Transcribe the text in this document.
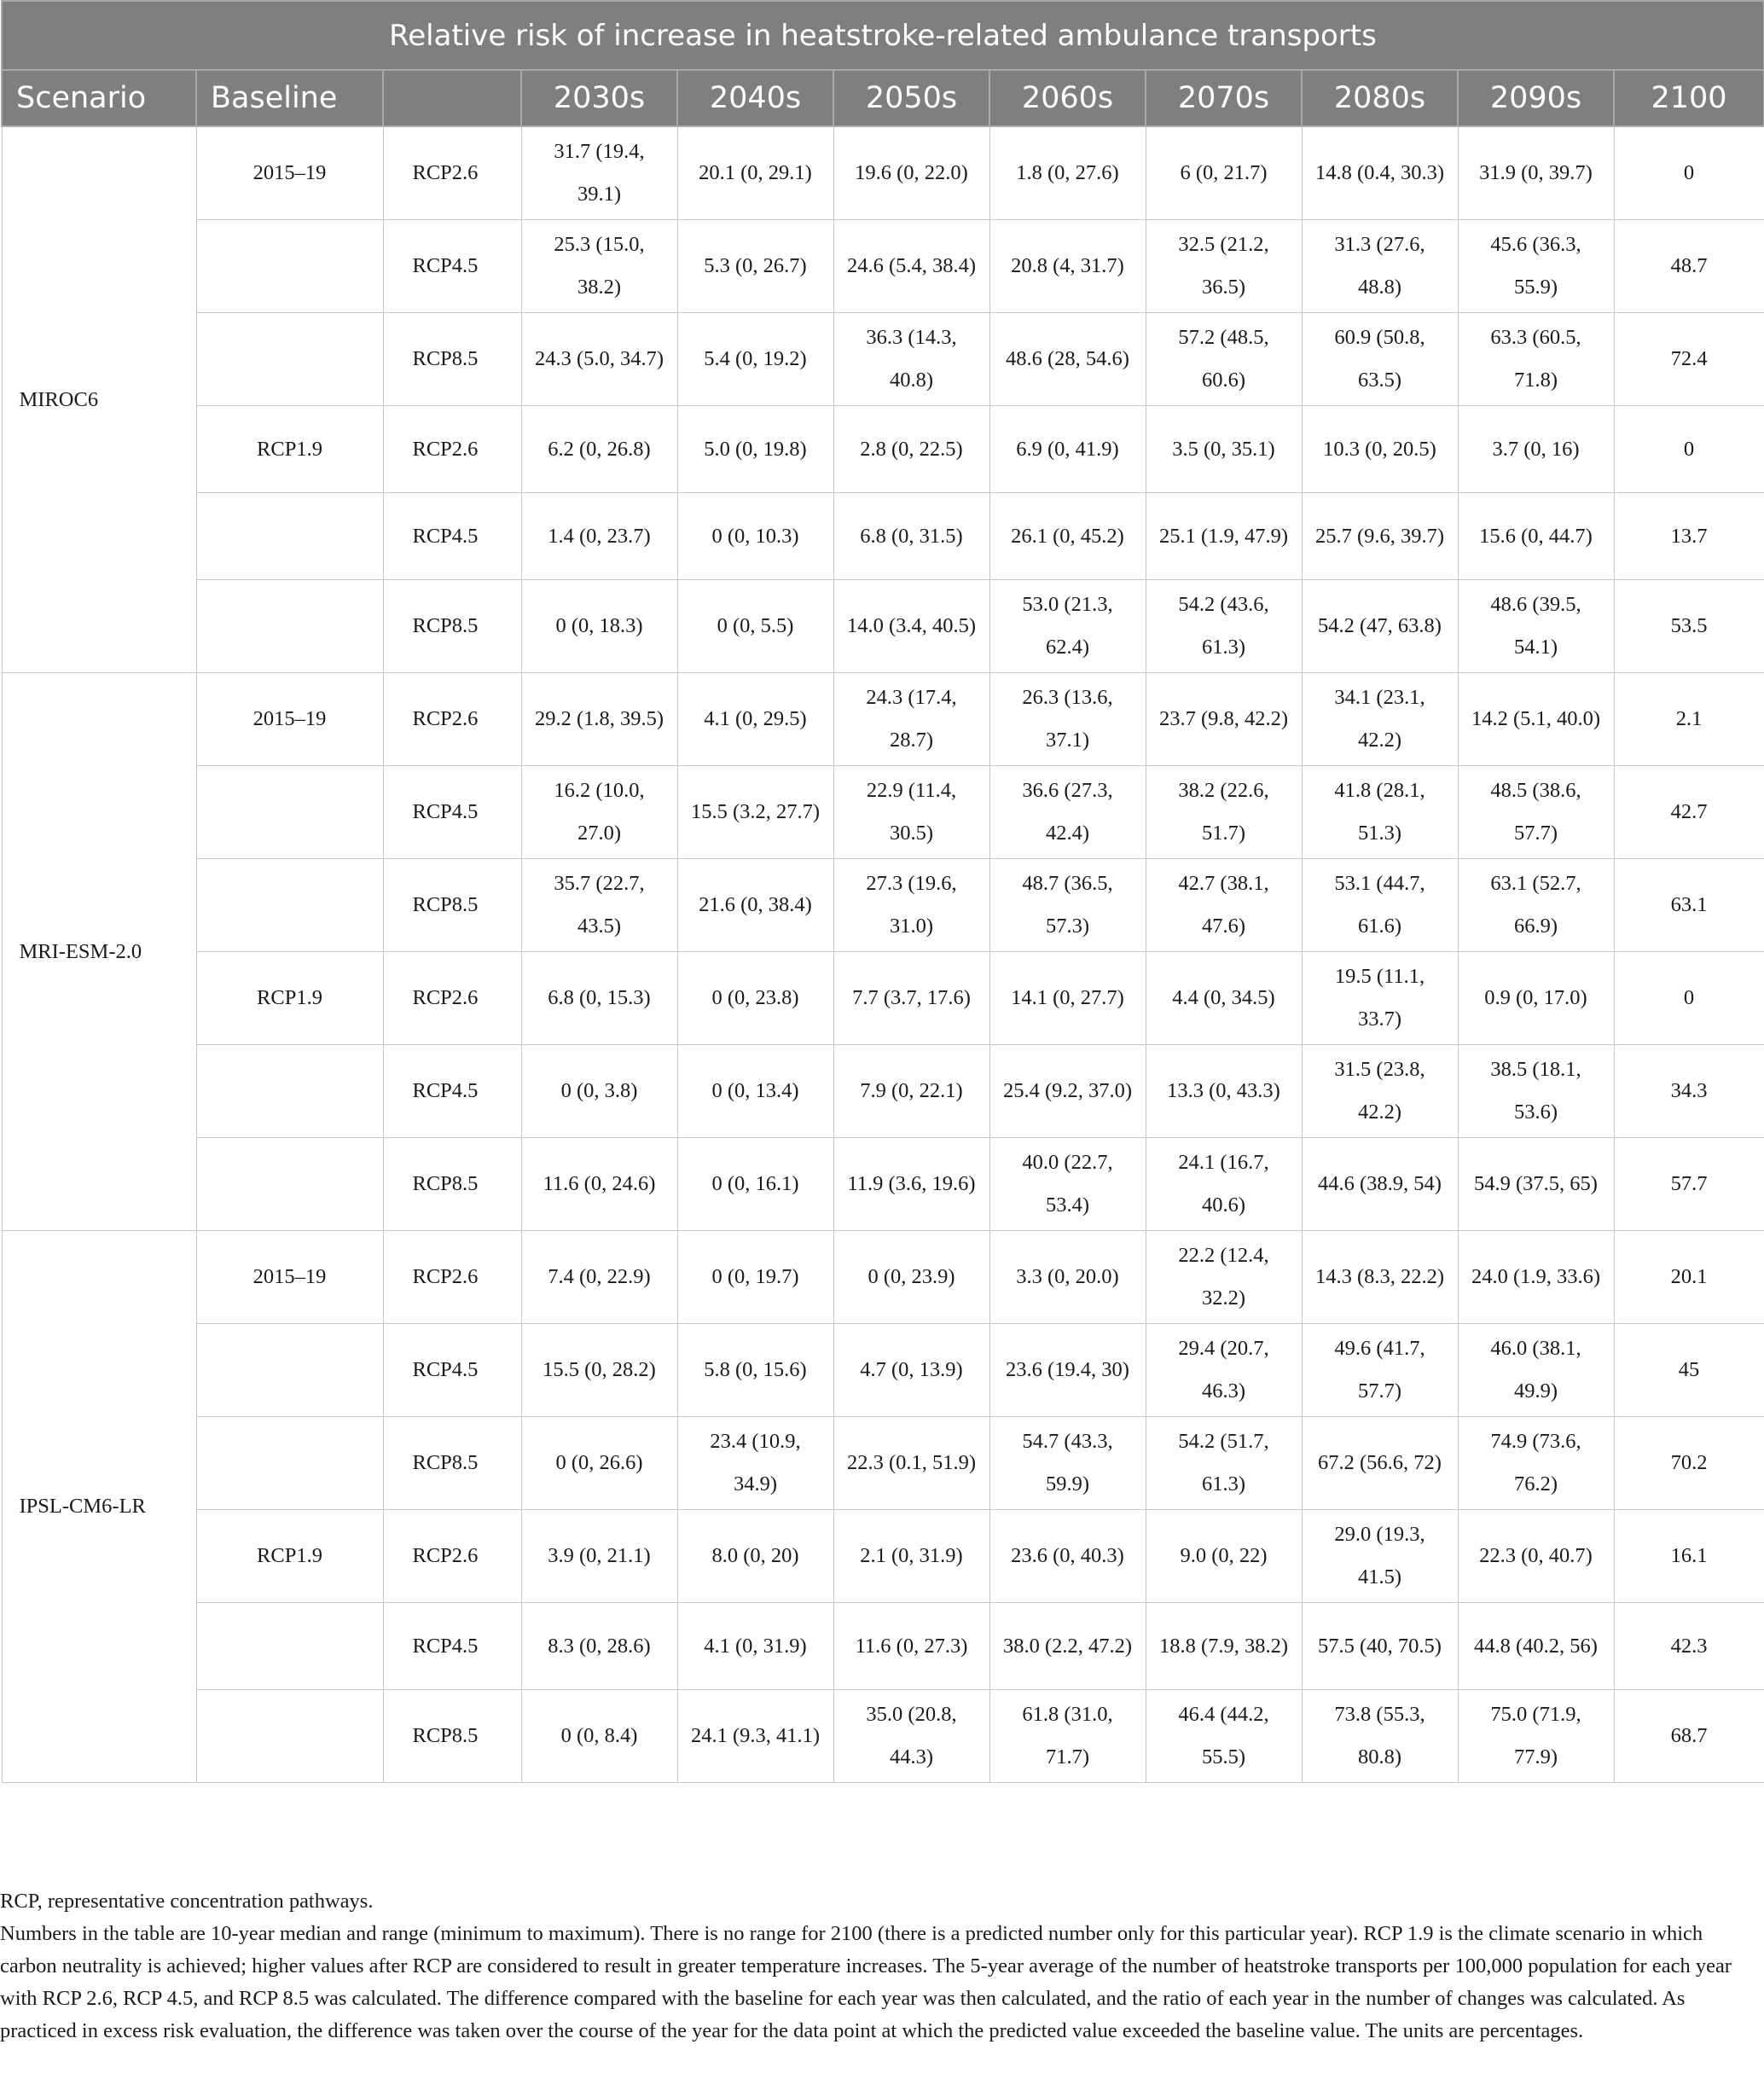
Relative risk of increase in heatstroke-related ambulance transports										
Scenario	Baseline		2030s	2040s	2050s	2060s	2070s	2080s	2090s	2100
MIROC6	2015–19	RCP2.6	31.7 (19.4, 39.1)	20.1 (0, 29.1)	19.6 (0, 22.0)	1.8 (0, 27.6)	6 (0, 21.7)	14.8 (0.4, 30.3)	31.9 (0, 39.7)	0
		RCP4.5	25.3 (15.0, 38.2)	5.3 (0, 26.7)	24.6 (5.4, 38.4)	20.8 (4, 31.7)	32.5 (21.2, 36.5)	31.3 (27.6, 48.8)	45.6 (36.3, 55.9)	48.7
		RCP8.5	24.3 (5.0, 34.7)	5.4 (0, 19.2)	36.3 (14.3, 40.8)	48.6 (28, 54.6)	57.2 (48.5, 60.6)	60.9 (50.8, 63.5)	63.3 (60.5, 71.8)	72.4
	RCP1.9	RCP2.6	6.2 (0, 26.8)	5.0 (0, 19.8)	2.8 (0, 22.5)	6.9 (0, 41.9)	3.5 (0, 35.1)	10.3 (0, 20.5)	3.7 (0, 16)	0
		RCP4.5	1.4 (0, 23.7)	0 (0, 10.3)	6.8 (0, 31.5)	26.1 (0, 45.2)	25.1 (1.9, 47.9)	25.7 (9.6, 39.7)	15.6 (0, 44.7)	13.7
		RCP8.5	0 (0, 18.3)	0 (0, 5.5)	14.0 (3.4, 40.5)	53.0 (21.3, 62.4)	54.2 (43.6, 61.3)	54.2 (47, 63.8)	48.6 (39.5, 54.1)	53.5
MRI-ESM-2.0	2015–19	RCP2.6	29.2 (1.8, 39.5)	4.1 (0, 29.5)	24.3 (17.4, 28.7)	26.3 (13.6, 37.1)	23.7 (9.8, 42.2)	34.1 (23.1, 42.2)	14.2 (5.1, 40.0)	2.1
		RCP4.5	16.2 (10.0, 27.0)	15.5 (3.2, 27.7)	22.9 (11.4, 30.5)	36.6 (27.3, 42.4)	38.2 (22.6, 51.7)	41.8 (28.1, 51.3)	48.5 (38.6, 57.7)	42.7
		RCP8.5	35.7 (22.7, 43.5)	21.6 (0, 38.4)	27.3 (19.6, 31.0)	48.7 (36.5, 57.3)	42.7 (38.1, 47.6)	53.1 (44.7, 61.6)	63.1 (52.7, 66.9)	63.1
	RCP1.9	RCP2.6	6.8 (0, 15.3)	0 (0, 23.8)	7.7 (3.7, 17.6)	14.1 (0, 27.7)	4.4 (0, 34.5)	19.5 (11.1, 33.7)	0.9 (0, 17.0)	0
		RCP4.5	0 (0, 3.8)	0 (0, 13.4)	7.9 (0, 22.1)	25.4 (9.2, 37.0)	13.3 (0, 43.3)	31.5 (23.8, 42.2)	38.5 (18.1, 53.6)	34.3
		RCP8.5	11.6 (0, 24.6)	0 (0, 16.1)	11.9 (3.6, 19.6)	40.0 (22.7, 53.4)	24.1 (16.7, 40.6)	44.6 (38.9, 54)	54.9 (37.5, 65)	57.7
IPSL-CM6-LR	2015–19	RCP2.6	7.4 (0, 22.9)	0 (0, 19.7)	0 (0, 23.9)	3.3 (0, 20.0)	22.2 (12.4, 32.2)	14.3 (8.3, 22.2)	24.0 (1.9, 33.6)	20.1
		RCP4.5	15.5 (0, 28.2)	5.8 (0, 15.6)	4.7 (0, 13.9)	23.6 (19.4, 30)	29.4 (20.7, 46.3)	49.6 (41.7, 57.7)	46.0 (38.1, 49.9)	45
		RCP8.5	0 (0, 26.6)	23.4 (10.9, 34.9)	22.3 (0.1, 51.9)	54.7 (43.3, 59.9)	54.2 (51.7, 61.3)	67.2 (56.6, 72)	74.9 (73.6, 76.2)	70.2
	RCP1.9	RCP2.6	3.9 (0, 21.1)	8.0 (0, 20)	2.1 (0, 31.9)	23.6 (0, 40.3)	9.0 (0, 22)	29.0 (19.3, 41.5)	22.3 (0, 40.7)	16.1
		RCP4.5	8.3 (0, 28.6)	4.1 (0, 31.9)	11.6 (0, 27.3)	38.0 (2.2, 47.2)	18.8 (7.9, 38.2)	57.5 (40, 70.5)	44.8 (40.2, 56)	42.3
		RCP8.5	0 (0, 8.4)	24.1 (9.3, 41.1)	35.0 (20.8, 44.3)	61.8 (31.0, 71.7)	46.4 (44.2, 55.5)	73.8 (55.3, 80.8)	75.0 (71.9, 77.9)	68.7

RCP, representative concentration pathways.

Numbers in the table are 10-year median and range (minimum to maximum). There is no range for 2100 (there is a predicted number only for this particular year). RCP 1.9 is the climate scenario in which carbon neutrality is achieved; higher values after RCP are considered to result in greater temperature increases. The 5-year average of the number of heatstroke transports per 100,000 population for each year with RCP 2.6, RCP 4.5, and RCP 8.5 was calculated. The difference compared with the baseline for each year was then calculated, and the ratio of each year in the number of changes was calculated. As practiced in excess risk evaluation, the difference was taken over the course of the year for the data point at which the predicted value exceeded the baseline value. The units are percentages.
